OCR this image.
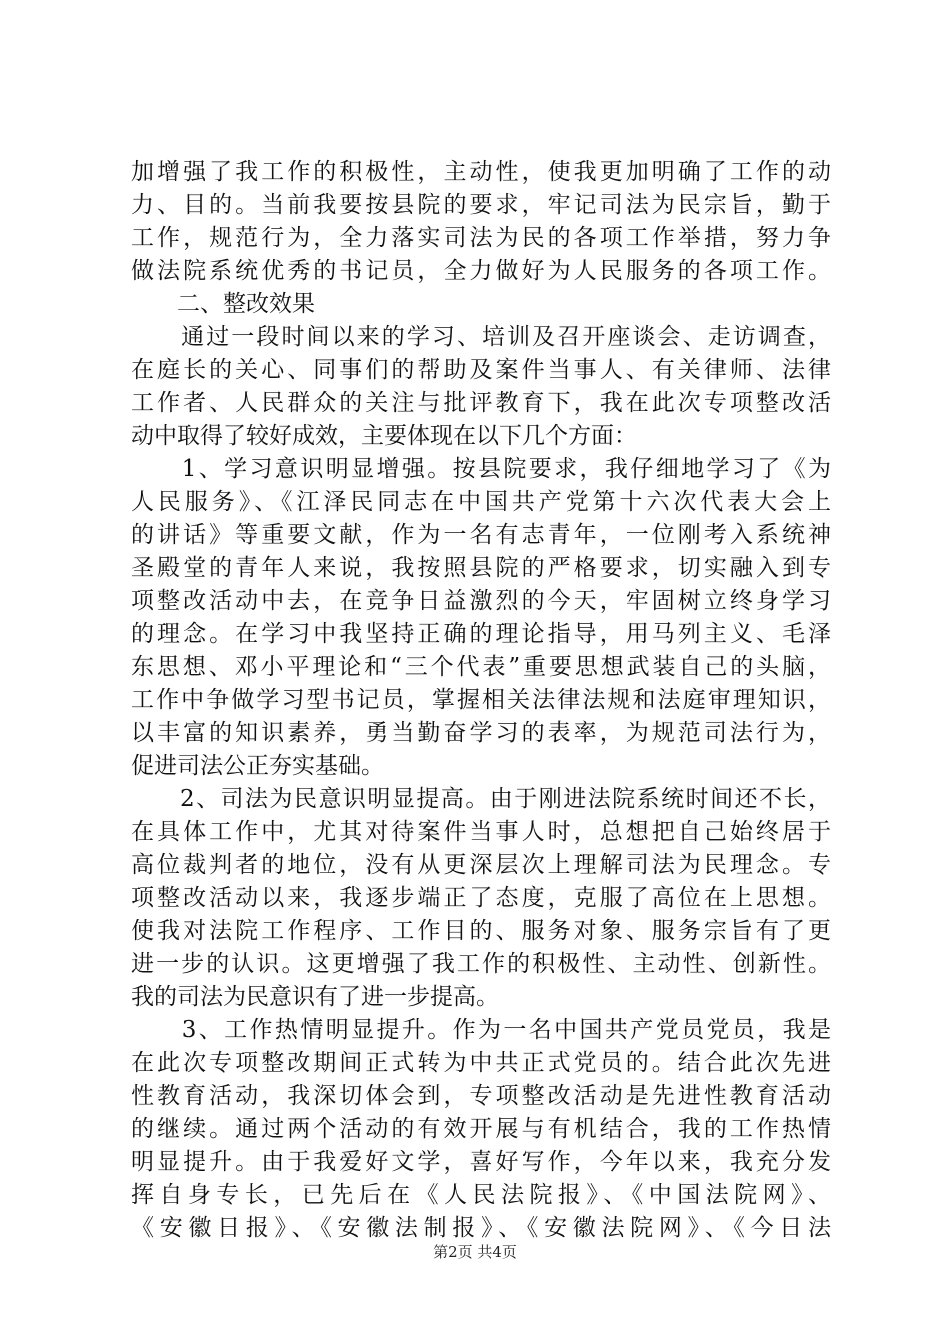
加增强了我工作的积极性，主动性，使我更加明确了工作的动
力、目的。当前我要按县院的要求，牢记司法为民宗旨，勤于
工作，规范行为，全力落实司法为民的各项工作举措，努力争
做法院系统优秀的书记员，全力做好为人民服务的各项工作。
　　二、整改效果
　　通过一段时间以来的学习、培训及召开座谈会、走访调查，
在庭长的关心、同事们的帮助及案件当事人、有关律师、法律
工作者、人民群众的关注与批评教育下，我在此次专项整改活
动中取得了较好成效，主要体现在以下几个方面：
　　1、学习意识明显增强。按县院要求，我仔细地学习了《为
人民服务》、《江泽民同志在中国共产党第十六次代表大会上
的讲话》等重要文献，作为一名有志青年，一位刚考入系统神
圣殿堂的青年人来说，我按照县院的严格要求，切实融入到专
项整改活动中去，在竞争日益激烈的今天，牢固树立终身学习
的理念。在学习中我坚持正确的理论指导，用马列主义、毛泽
东思想、邓小平理论和“三个代表”重要思想武装自己的头脑，
工作中争做学习型书记员，掌握相关法律法规和法庭审理知识，
以丰富的知识素养，勇当勤奋学习的表率，为规范司法行为，
促进司法公正夯实基础。
　　2、司法为民意识明显提高。由于刚进法院系统时间还不长，
在具体工作中，尤其对待案件当事人时，总想把自己始终居于
高位裁判者的地位，没有从更深层次上理解司法为民理念。专
项整改活动以来，我逐步端正了态度，克服了高位在上思想。
使我对法院工作程序、工作目的、服务对象、服务宗旨有了更
进一步的认识。这更增强了我工作的积极性、主动性、创新性。
我的司法为民意识有了进一步提高。
　　3、工作热情明显提升。作为一名中国共产党员党员，我是
在此次专项整改期间正式转为中共正式党员的。结合此次先进
性教育活动，我深切体会到，专项整改活动是先进性教育活动
的继续。通过两个活动的有效开展与有机结合，我的工作热情
明显提升。由于我爱好文学，喜好写作，今年以来，我充分发
挥自身专长，已先后在《人民法院报》、《中国法院网》、
《安徽日报》、《安徽法制报》、《安徽法院网》、《今日法
第2页 共4页
